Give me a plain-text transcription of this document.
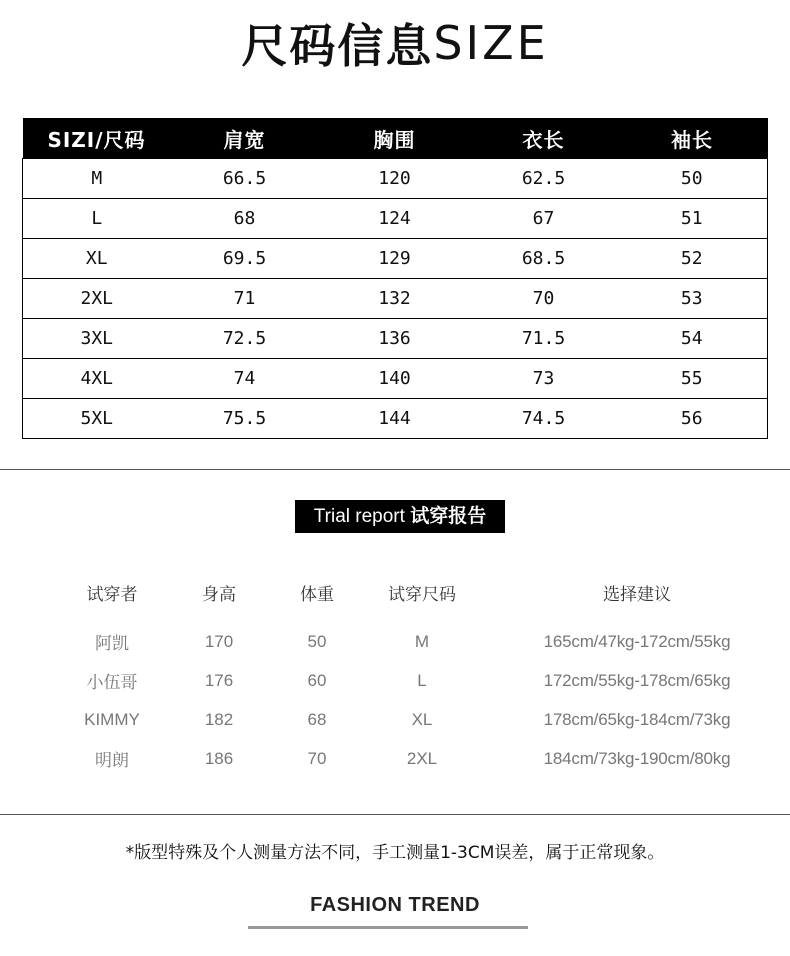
尺码信息SIZE
SIZI/尺码	肩宽	胸围	衣长	袖长
M	66.5	120	62.5	50
L	68	124	67	51
XL	69.5	129	68.5	52
2XL	71	132	70	53
3XL	72.5	136	71.5	54
4XL	74	140	73	55
5XL	75.5	144	74.5	56
Trial report 试穿报告
试穿者	身高	体重	试穿尺码	选择建议

阿凯	170	50	M	165cm/47kg-172cm/55kg
小伍哥	176	60	L	172cm/55kg-178cm/65kg
KIMMY	182	68	XL	178cm/65kg-184cm/73kg
明朗	186	70	2XL	184cm/73kg-190cm/80kg
*版型特殊及个人测量方法不同，手工测量1-3CM误差，属于正常现象。
FASHION TREND
